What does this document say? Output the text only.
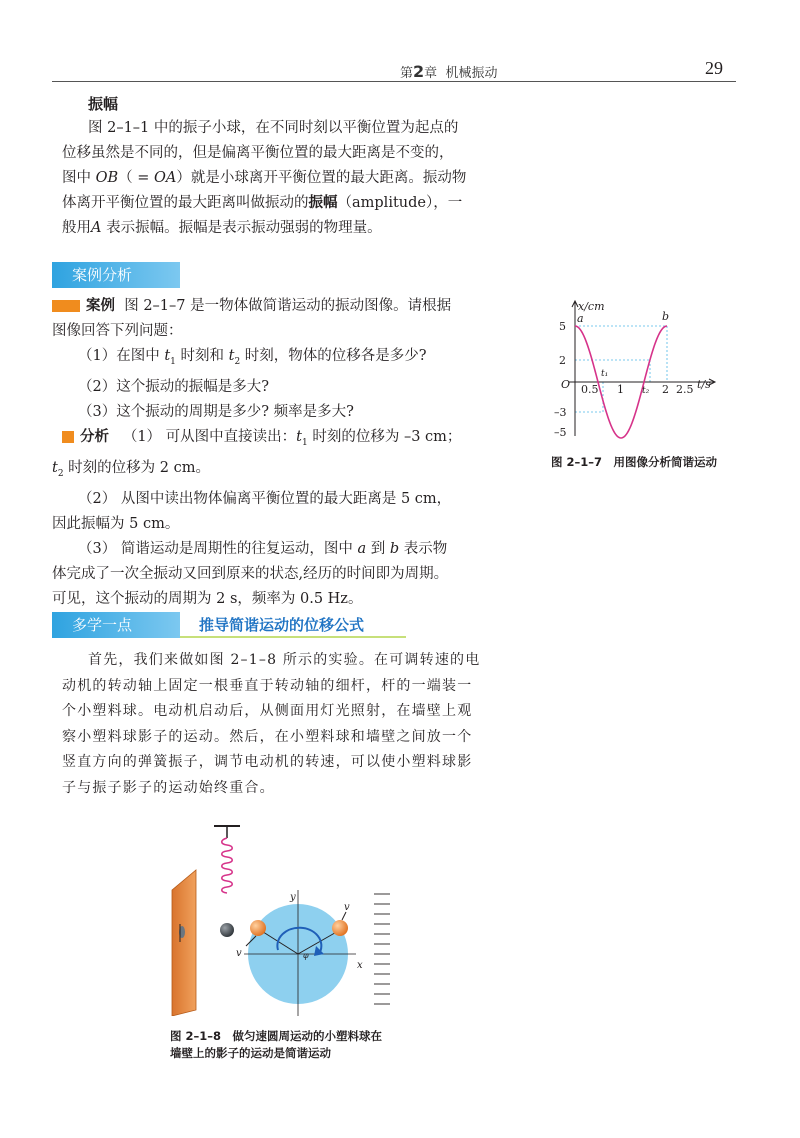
第2章 机械振动	29
振幅
图 2–1–1 中的振子小球，在不同时刻以平衡位置为起点的
位移虽然是不同的，但是偏离平衡位置的最大距离是不变的，
图中 OB（ = OA）就是小球离开平衡位置的最大距离。振动物
体离开平衡位置的最大距离叫做振动的振幅（amplitude），一
般用A 表示振幅。振幅是表示振动强弱的物理量。
案例分析
案例 图 2–1–7 是一物体做简谐运动的振动图像。请根据
图像回答下列问题：
（1）在图中 $t_1$ 时刻和 $t_2$ 时刻，物体的位移各是多少?
（2）这个振动的振幅是多大?
（3）这个振动的周期是多少? 频率是多大?
分析 （1） 可从图中直接读出：$t_1$ 时刻的位移为 –3 cm；
$t_2$ 时刻的位移为 2 cm。
（2） 从图中读出物体偏离平衡位置的最大距离是 5 cm，
因此振幅为 5 cm。
（3） 简谐运动是周期性的往复运动，图中 a 到 b 表示物
体完成了一次全振动又回到原来的状态,经历的时间即为周期。
可见，这个振动的周期为 2 s，频率为 0.5 Hz。
x/cm
t/s
O
a	b
t₁
t₂
5
2
–3
–5
0.5 1	2 2.5
图 2–1–7　用图像分析简谐运动
多学一点	推导简谐运动的位移公式
首先，我们来做如图 2–1–8 所示的实验。在可调转速的电
动机的转动轴上固定一根垂直于转动轴的细杆，杆的一端装一
个小塑料球。电动机启动后，从侧面用灯光照射，在墙壁上观
察小塑料球影子的运动。然后，在小塑料球和墙壁之间放一个
竖直方向的弹簧振子，调节电动机的转速，可以使小塑料球影
子与振子影子的运动始终重合。
y
x
v
v
φ
图 2–1–8　做匀速圆周运动的小塑料球在
墙壁上的影子的运动是简谐运动
